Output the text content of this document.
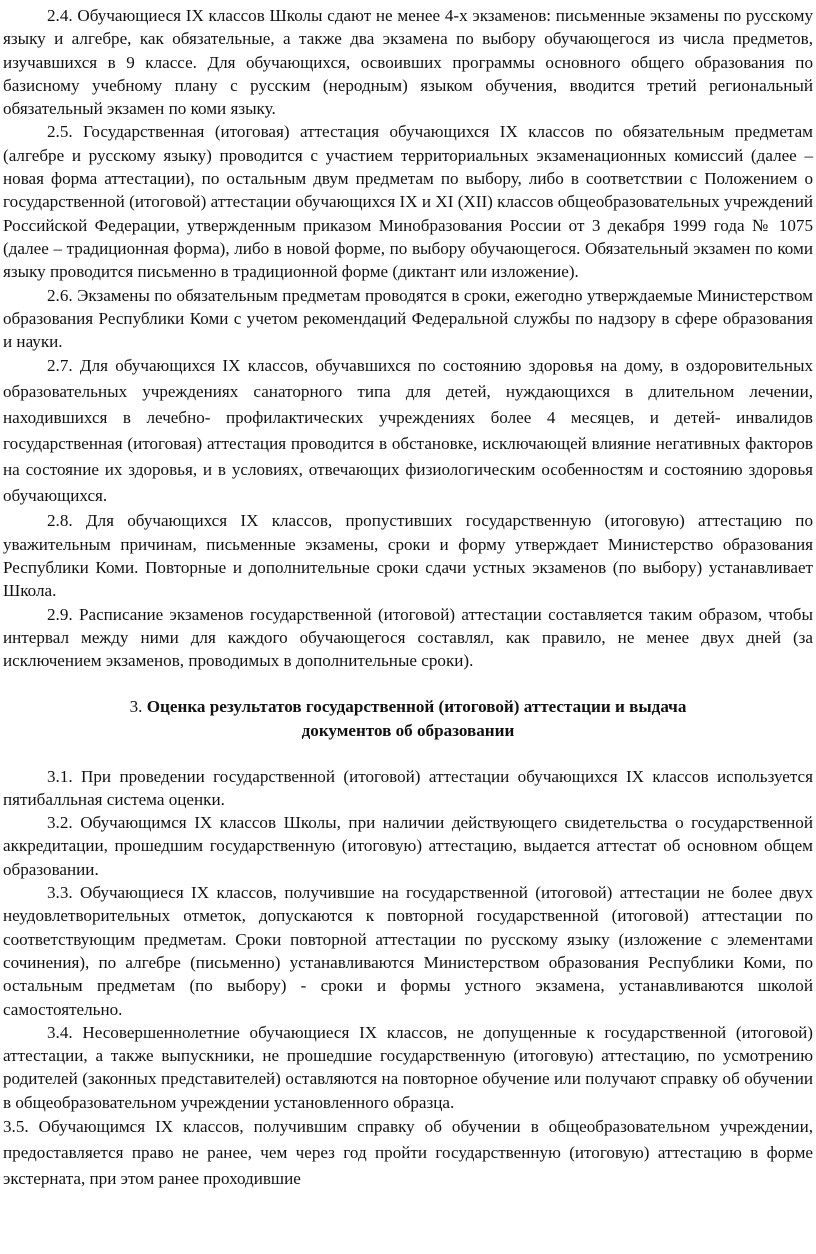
2.4. Обучающиеся IX классов Школы сдают не менее 4-х экзаменов: письменные экзамены по русскому языку и алгебре, как обязательные, а также два экзамена по выбору обучающегося из числа предметов, изучавшихся в 9 классе. Для обучающихся, освоивших программы основного общего образования по базисному учебному плану с русским (неродным) языком обучения, вводится третий региональный обязательный экзамен по коми языку.

2.5. Государственная (итоговая) аттестация обучающихся IX классов по обязательным предметам (алгебре и русскому языку) проводится с участием территориальных экзаменационных комиссий (далее – новая форма аттестации), по остальным двум предметам по выбору, либо в соответствии с Положением о государственной (итоговой) аттестации обучающихся IX и XI (XII) классов общеобразовательных учреждений Российской Федерации, утвержденным приказом Минобразования России от 3 декабря 1999 года № 1075 (далее – традиционная форма), либо в новой форме, по выбору обучающегося. Обязательный экзамен по коми языку проводится письменно в традиционной форме (диктант или изложение).

2.6. Экзамены по обязательным предметам проводятся в сроки, ежегодно утверждаемые Министерством образования Республики Коми с учетом рекомендаций Федеральной службы по надзору в сфере образования и науки.

2.7. Для обучающихся IX классов, обучавшихся по состоянию здоровья на дому, в оздоровительных образовательных учреждениях санаторного типа для детей, нуждающихся в длительном лечении, находившихся в лечебно- профилактических учреждениях более 4 месяцев, и детей- инвалидов государственная (итоговая) аттестация проводится в обстановке, исключающей влияние негативных факторов на состояние их здоровья, и в условиях, отвечающих физиологическим особенностям и состоянию здоровья обучающихся.

2.8. Для обучающихся IX классов, пропустивших государственную (итоговую) аттестацию по уважительным причинам, письменные экзамены, сроки и форму утверждает Министерство образования Республики Коми. Повторные и дополнительные сроки сдачи устных экзаменов (по выбору) устанавливает Школа.

2.9. Расписание экзаменов государственной (итоговой) аттестации составляется таким образом, чтобы интервал между ними для каждого обучающегося составлял, как правило, не менее двух дней (за исключением экзаменов, проводимых в дополнительные сроки).

3. Оценка результатов государственной (итоговой) аттестации и выдача
документов об образовании

3.1. При проведении государственной (итоговой) аттестации обучающихся IX классов используется пятибалльная система оценки.

3.2. Обучающимся IX классов Школы, при наличии действующего свидетельства о государственной аккредитации, прошедшим государственную (итоговую) аттестацию, выдается аттестат об основном общем образовании.

3.3. Обучающиеся IX классов, получившие на государственной (итоговой) аттестации не более двух неудовлетворительных отметок, допускаются к повторной государственной (итоговой) аттестации по соответствующим предметам. Сроки повторной аттестации по русскому языку (изложение с элементами сочинения), по алгебре (письменно) устанавливаются Министерством образования Республики Коми, по остальным предметам (по выбору) - сроки и формы устного экзамена, устанавливаются школой самостоятельно.

3.4. Несовершеннолетние обучающиеся IX классов, не допущенные к государственной (итоговой) аттестации, а также выпускники, не прошедшие государственную (итоговую) аттестацию, по усмотрению родителей (законных представителей) оставляются на повторное обучение или получают справку об обучении в общеобразовательном учреждении установленного образца.

3.5. Обучающимся IX классов, получившим справку об обучении в общеобразовательном учреждении, предоставляется право не ранее, чем через год пройти государственную (итоговую) аттестацию в форме экстерната, при этом ранее проходившие
